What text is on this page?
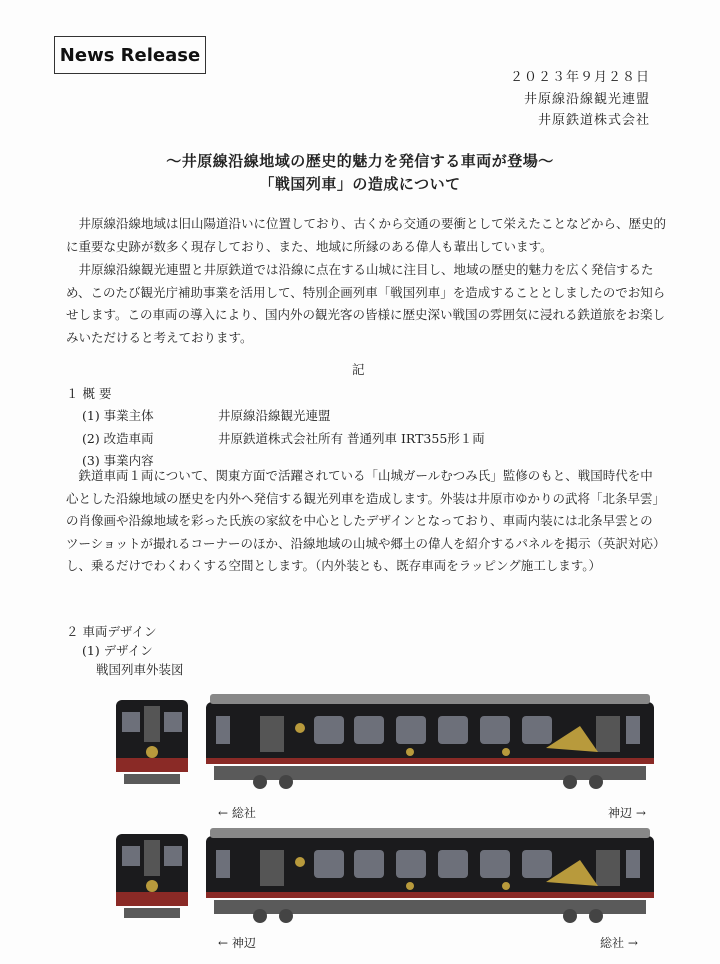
News Release
２０２３年９月２８日
井原線沿線観光連盟
井原鉄道株式会社
～井原線沿線地域の歴史的魅力を発信する車両が登場～
「戦国列車」の造成について

井原線沿線地域は旧山陽道沿いに位置しており、古くから交通の要衝として栄えたことなどから、歴史的に重要な史跡が数多く現存しており、また、地域に所縁のある偉人も輩出しています。

井原線沿線観光連盟と井原鉄道では沿線に点在する山城に注目し、地域の歴史的魅力を広く発信するため、このたび観光庁補助事業を活用して、特別企画列車「戦国列車」を造成することとしましたのでお知らせします。この車両の導入により、国内外の観光客の皆様に歴史深い戦国の雰囲気に浸れる鉄道旅をお楽しみいただけると考えております。

記
１ 概 要
(1) 事業主体	井原線沿線観光連盟
(2) 改造車両	井原鉄道株式会社所有 普通列車 IRT355形１両
(3) 事業内容

鉄道車両１両について、関東方面で活躍されている「山城ガールむつみ氏」監修のもと、戦国時代を中心とした沿線地域の歴史を内外へ発信する観光列車を造成します。外装は井原市ゆかりの武将「北条早雲」の肖像画や沿線地域を彩った氏族の家紋を中心としたデザインとなっており、車両内装には北条早雲とのツーショットが撮れるコーナーのほか、沿線地域の山城や郷土の偉人を紹介するパネルを掲示（英訳対応）し、乗るだけでわくわくする空間とします。（内外装とも、既存車両をラッピング施工します。）

２ 車両デザイン
(1) デザイン
戦国列車外装図
← 総社	神辺 →
← 神辺	総社 →
